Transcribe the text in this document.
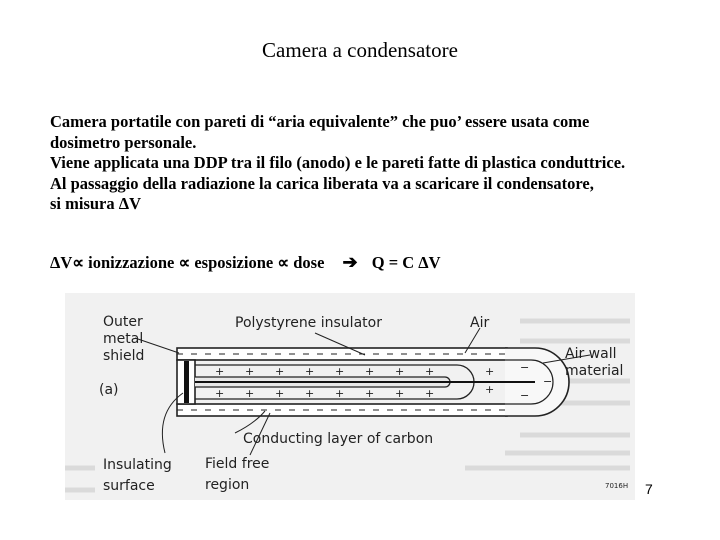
Camera a condensatore
Camera portatile con pareti di “aria equivalente” che puo’ essere usata come
dosimetro personale.
Viene applicata una DDP tra il filo (anodo) e le pareti fatte di plastica conduttrice.
Al passaggio della radiazione la carica liberata va a scaricare il condensatore,
si misura ΔV
ΔV∝ ionizzazione ∝ esposizione ∝ dose ➔ Q = C ΔV
+ + + + + + + +
+ + + + + + + +
+
+
−
−
−
Outer
metal
shield
Polystyrene insulator	Air
Air wall
material
(a)
Conducting layer of carbon
Insulating
surface
Field free
region	7016H 7
